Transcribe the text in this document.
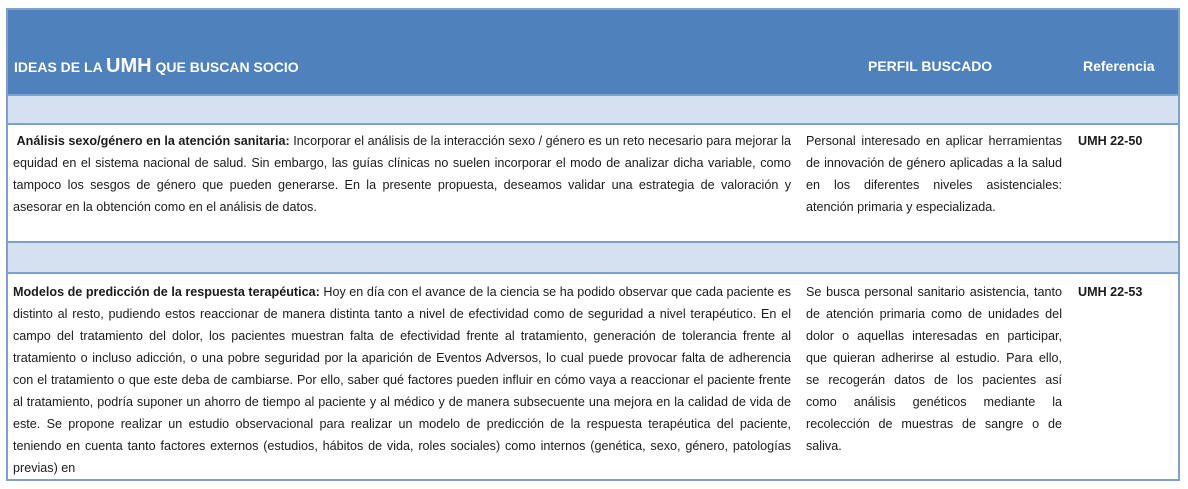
IDEAS DE LA UMH QUE BUSCAN SOCIO	PERFIL BUSCADO	Referencia
Análisis sexo/género en la atención sanitaria: Incorporar el análisis de la interacción sexo / género es un reto necesario para mejorar la equidad en el sistema nacional de salud. Sin embargo, las guías clínicas no suelen incorporar el modo de analizar dicha variable, como tampoco los sesgos de género que pueden generarse. En la presente propuesta, deseamos validar una estrategia de valoración y asesorar en la obtención como en el análisis de datos.
Personal interesado en aplicar herramientas de innovación de género aplicadas a la salud en los diferentes niveles asistenciales: atención primaria y especializada.
UMH 22-50
Modelos de predicción de la respuesta terapéutica: Hoy en día con el avance de la ciencia se ha podido observar que cada paciente es distinto al resto, pudiendo estos reaccionar de manera distinta tanto a nivel de efectividad como de seguridad a nivel terapéutico. En el campo del tratamiento del dolor, los pacientes muestran falta de efectividad frente al tratamiento, generación de tolerancia frente al tratamiento o incluso adicción, o una pobre seguridad por la aparición de Eventos Adversos, lo cual puede provocar falta de adherencia con el tratamiento o que este deba de cambiarse. Por ello, saber qué factores pueden influir en cómo vaya a reaccionar el paciente frente al tratamiento, podría suponer un ahorro de tiempo al paciente y al médico y de manera subsecuente una mejora en la calidad de vida de este. Se propone realizar un estudio observacional para realizar un modelo de predicción de la respuesta terapéutica del paciente, teniendo en cuenta tanto factores externos (estudios, hábitos de vida, roles sociales) como internos (genética, sexo, género, patologías previas) en
Se busca personal sanitario asistencia, tanto de atención primaria como de unidades del dolor o aquellas interesadas en participar, que quieran adherirse al estudio. Para ello, se recogerán datos de los pacientes así como análisis genéticos mediante la recolección de muestras de sangre o de saliva.
UMH 22-53
